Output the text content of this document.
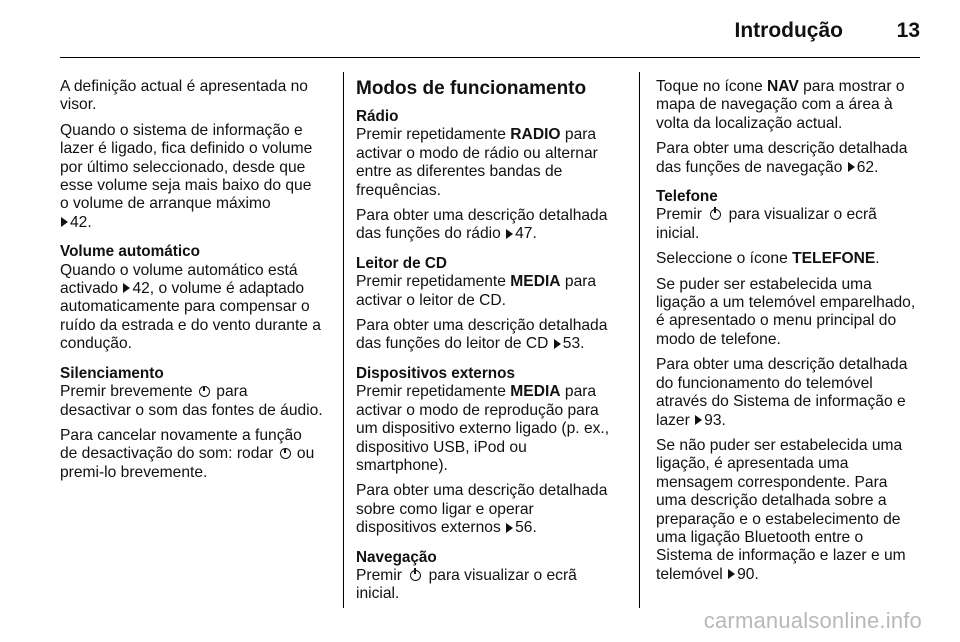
Introdução	13
A definição actual é apresentada no
visor.
Quando o sistema de informação e
lazer é ligado, fica definido o volume
por último seleccionado, desde que
esse volume seja mais baixo do que
o volume de arranque máximo
42.
Volume automático
Quando o volume automático está
activado 42, o volume é adaptado
automaticamente para compensar o
ruído da estrada e do vento durante a
condução.
Silenciamento
Premir brevemente para
desactivar o som das fontes de áudio.
Para cancelar novamente a função
de desactivação do som: rodar ou
premi-lo brevemente.
Modos de funcionamento
Rádio
Premir repetidamente RADIO para
activar o modo de rádio ou alternar
entre as diferentes bandas de
frequências.
Para obter uma descrição detalhada
das funções do rádio 47.
Leitor de CD
Premir repetidamente MEDIA para
activar o leitor de CD.
Para obter uma descrição detalhada
das funções do leitor de CD 53.
Dispositivos externos
Premir repetidamente MEDIA para
activar o modo de reprodução para
um dispositivo externo ligado (p. ex.,
dispositivo USB, iPod ou
smartphone).
Para obter uma descrição detalhada
sobre como ligar e operar
dispositivos externos 56.
Navegação
Premir para visualizar o ecrã
inicial.
Toque no ícone NAV para mostrar o
mapa de navegação com a área à
volta da localização actual.
Para obter uma descrição detalhada
das funções de navegação 62.
Telefone
Premir para visualizar o ecrã
inicial.
Seleccione o ícone TELEFONE.
Se puder ser estabelecida uma
ligação a um telemóvel emparelhado,
é apresentado o menu principal do
modo de telefone.
Para obter uma descrição detalhada
do funcionamento do telemóvel
através do Sistema de informação e
lazer 93.
Se não puder ser estabelecida uma
ligação, é apresentada uma
mensagem correspondente. Para
uma descrição detalhada sobre a
preparação e o estabelecimento de
uma ligação Bluetooth entre o
Sistema de informação e lazer e um
telemóvel 90.
carmanualsonline.info
